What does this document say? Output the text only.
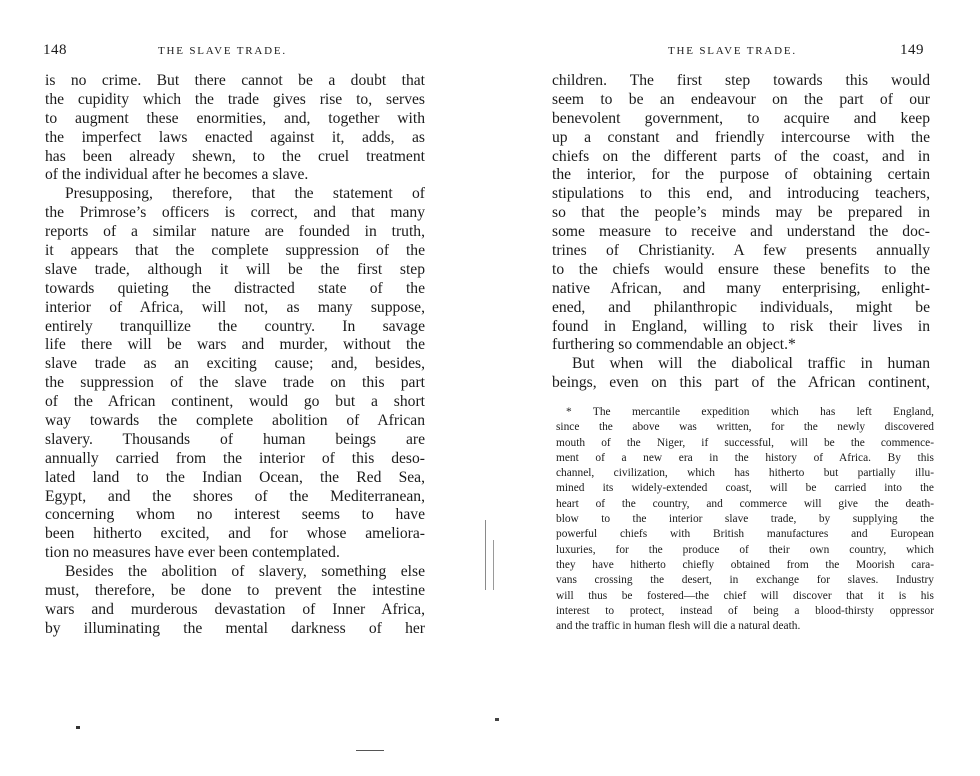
148	THE SLAVE TRADE.
is no crime. But there cannot be a doubt that
the cupidity which the trade gives rise to, serves
to augment these enormities, and, together with
the imperfect laws enacted against it, adds, as
has been already shewn, to the cruel treatment
of the individual after he becomes a slave.
Presupposing, therefore, that the statement of
the Primrose’s officers is correct, and that many
reports of a similar nature are founded in truth,
it appears that the complete suppression of the
slave trade, although it will be the first step
towards quieting the distracted state of the
interior of Africa, will not, as many suppose,
entirely tranquillize the country. In savage
life there will be wars and murder, without the
slave trade as an exciting cause; and, besides,
the suppression of the slave trade on this part
of the African continent, would go but a short
way towards the complete abolition of African
slavery. Thousands of human beings are
annually carried from the interior of this deso-
lated land to the Indian Ocean, the Red Sea,
Egypt, and the shores of the Mediterranean,
concerning whom no interest seems to have
been hitherto excited, and for whose ameliora-
tion no measures have ever been contemplated.
Besides the abolition of slavery, something else
must, therefore, be done to prevent the intestine
wars and murderous devastation of Inner Africa,
by illuminating the mental darkness of her
THE SLAVE TRADE.	149
children. The first step towards this would
seem to be an endeavour on the part of our
benevolent government, to acquire and keep
up a constant and friendly intercourse with the
chiefs on the different parts of the coast, and in
the interior, for the purpose of obtaining certain
stipulations to this end, and introducing teachers,
so that the people’s minds may be prepared in
some measure to receive and understand the doc-
trines of Christianity. A few presents annually
to the chiefs would ensure these benefits to the
native African, and many enterprising, enlight-
ened, and philanthropic individuals, might be
found in England, willing to risk their lives in
furthering so commendable an object.*
But when will the diabolical traffic in human
beings, even on this part of the African continent,
* The mercantile expedition which has left England,
since the above was written, for the newly discovered
mouth of the Niger, if successful, will be the commence-
ment of a new era in the history of Africa. By this
channel, civilization, which has hitherto but partially illu-
mined its widely-extended coast, will be carried into the
heart of the country, and commerce will give the death-
blow to the interior slave trade, by supplying the
powerful chiefs with British manufactures and European
luxuries, for the produce of their own country, which
they have hitherto chiefly obtained from the Moorish cara-
vans crossing the desert, in exchange for slaves. Industry
will thus be fostered—the chief will discover that it is his
interest to protect, instead of being a blood-thirsty oppressor
and the traffic in human flesh will die a natural death.
